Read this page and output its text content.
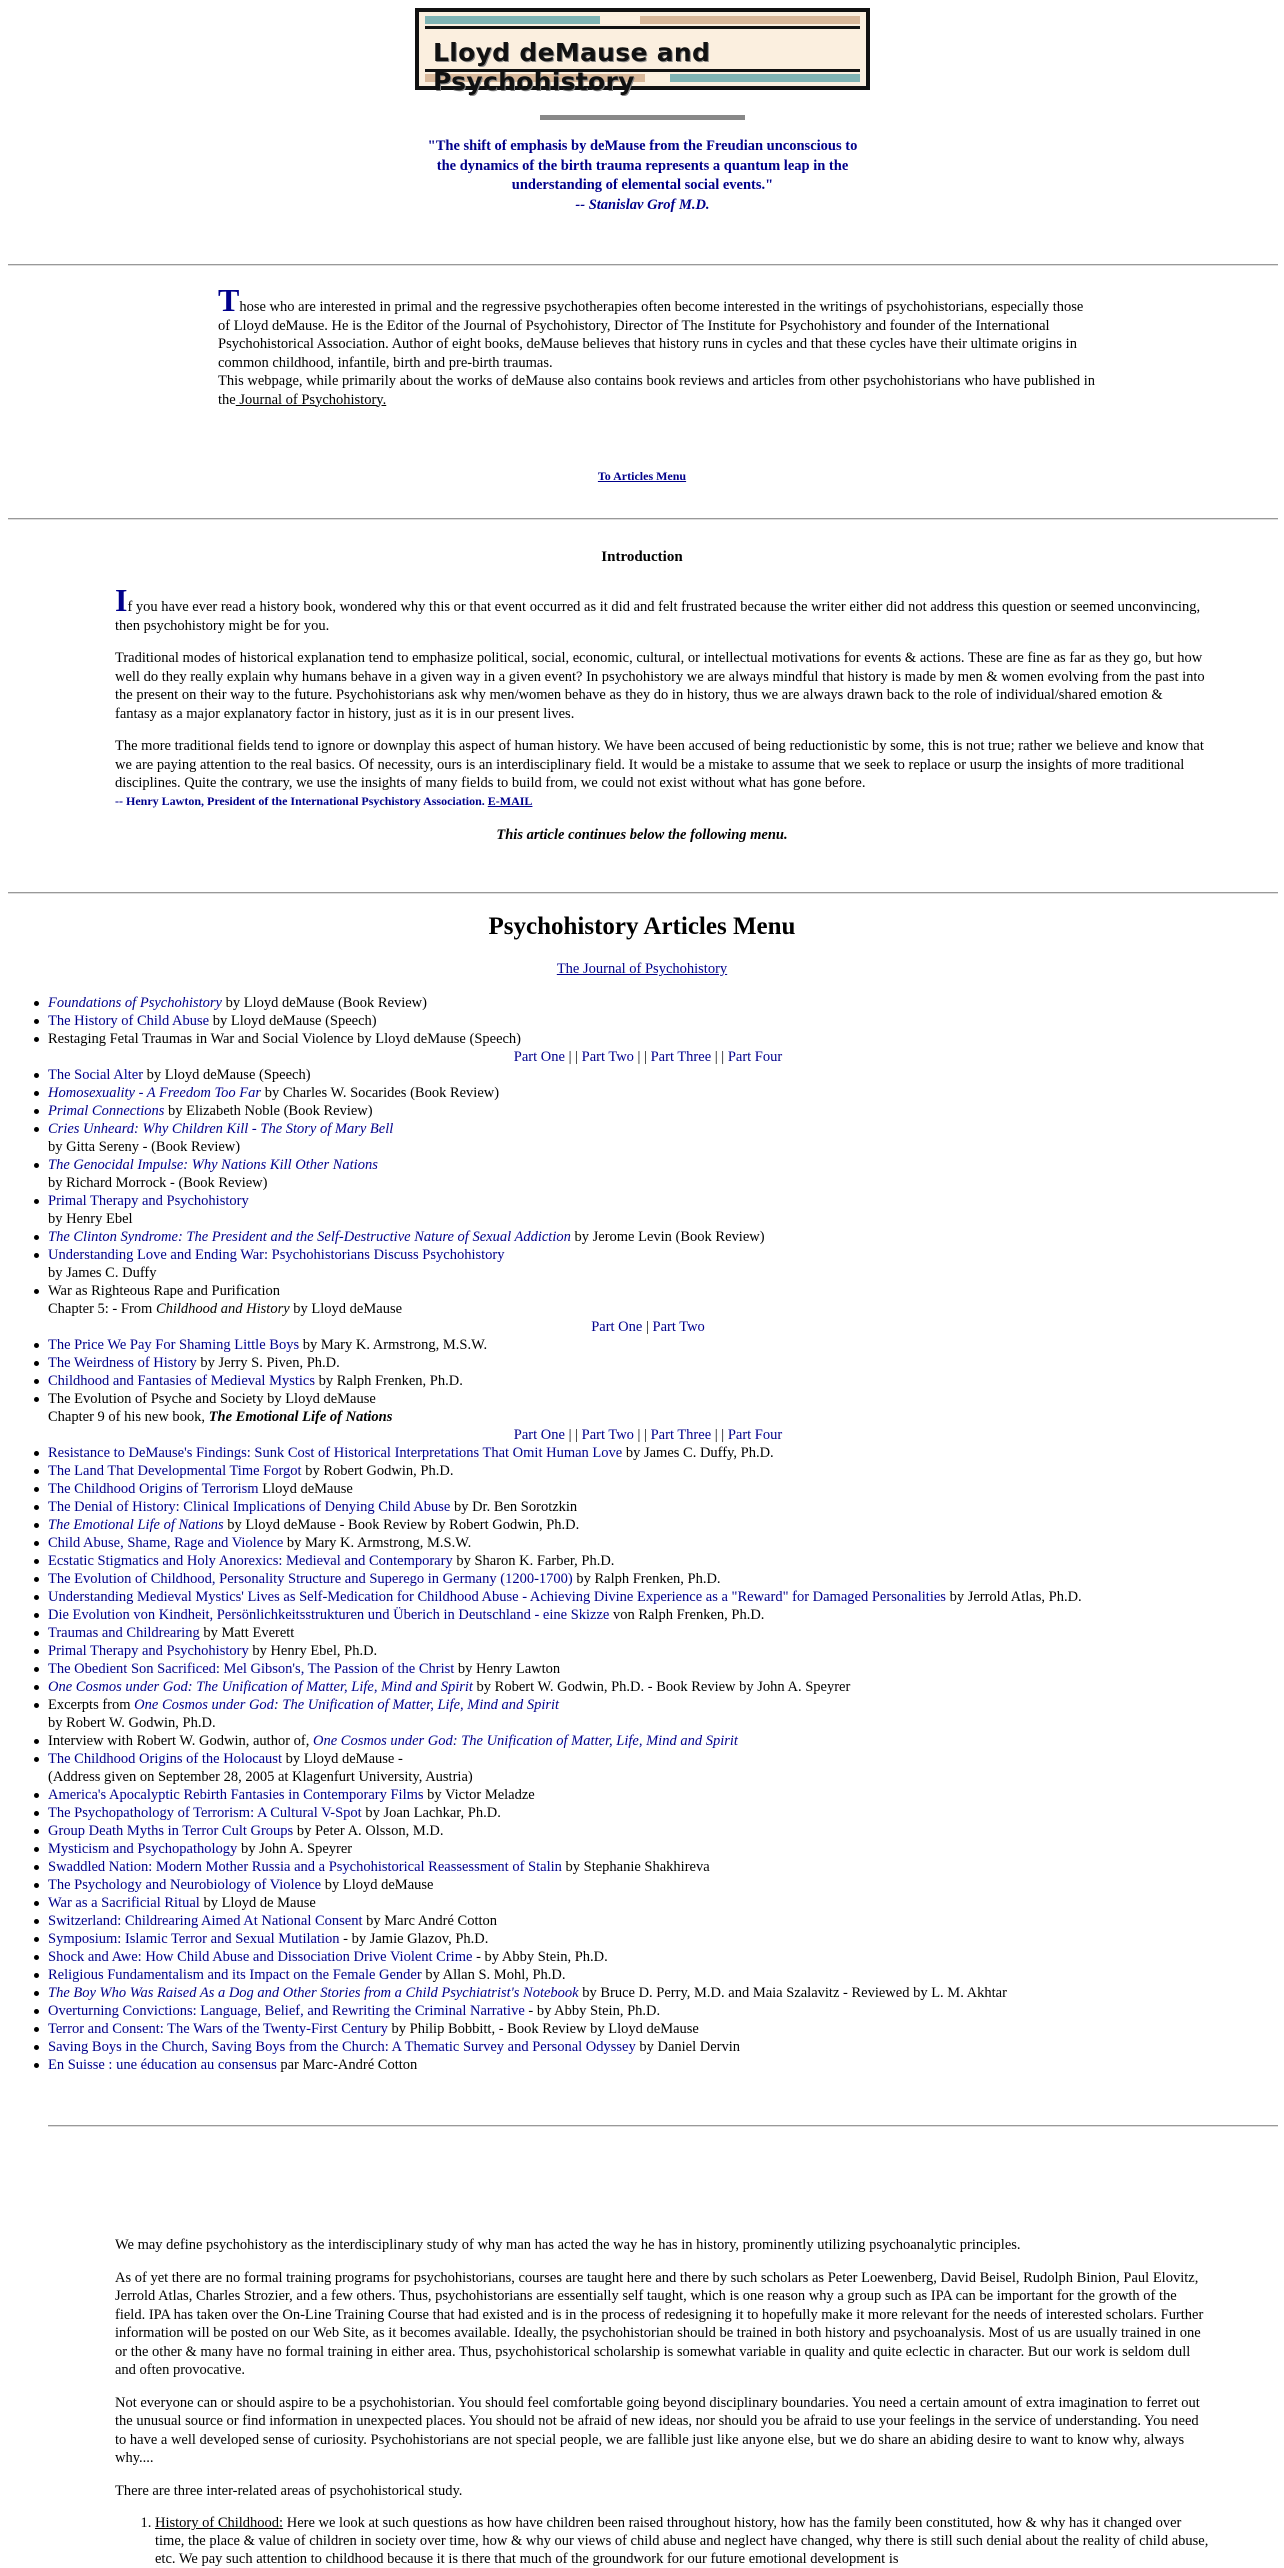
Lloyd deMause and Psychohistory
"The shift of emphasis by deMause from the Freudian unconscious to the dynamics of the birth trauma represents a quantum leap in the understanding of elemental social events."
-- Stanislav Grof M.D.
Those who are interested in primal and the regressive psychotherapies often become interested in the writings of psychohistorians, especially those of Lloyd deMause. He is the Editor of the Journal of Psychohistory, Director of The Institute for Psychohistory and founder of the International Psychohistorical Association. Author of eight books, deMause believes that history runs in cycles and that these cycles have their ultimate origins in common childhood, infantile, birth and pre-birth traumas.
This webpage, while primarily about the works of deMause also contains book reviews and articles from other psychohistorians who have published in the Journal of Psychohistory.
To Articles Menu
Introduction

If you have ever read a history book, wondered why this or that event occurred as it did and felt frustrated because the writer either did not address this question or seemed unconvincing, then psychohistory might be for you.

Traditional modes of historical explanation tend to emphasize political, social, economic, cultural, or intellectual motivations for events & actions. These are fine as far as they go, but how well do they really explain why humans behave in a given way in a given event? In psychohistory we are always mindful that history is made by men & women evolving from the past into the present on their way to the future. Psychohistorians ask why men/women behave as they do in history, thus we are always drawn back to the role of individual/shared emotion & fantasy as a major explanatory factor in history, just as it is in our present lives.

The more traditional fields tend to ignore or downplay this aspect of human history. We have been accused of being reductionistic by some, this is not true; rather we believe and know that we are paying attention to the real basics. Of necessity, ours is an interdisciplinary field. It would be a mistake to assume that we seek to replace or usurp the insights of more traditional disciplines. Quite the contrary, we use the insights of many fields to build from, we could not exist without what has gone before.
-- Henry Lawton, President of the International Psychistory Association. E-MAIL
This article continues below the following menu.
Psychohistory Articles Menu
The Journal of Psychohistory
Foundations of Psychohistory by Lloyd deMause (Book Review)
The History of Child Abuse by Lloyd deMause (Speech)
Restaging Fetal Traumas in War and Social Violence by Lloyd deMause (Speech)
Part One | | Part Two | | Part Three | | Part Four
The Social Alter by Lloyd deMause (Speech)
Homosexuality - A Freedom Too Far by Charles W. Socarides (Book Review)
Primal Connections by Elizabeth Noble (Book Review)
Cries Unheard: Why Children Kill - The Story of Mary Bell
by Gitta Sereny - (Book Review)
The Genocidal Impulse: Why Nations Kill Other Nations
by Richard Morrock - (Book Review)
Primal Therapy and Psychohistory
by Henry Ebel
The Clinton Syndrome: The President and the Self-Destructive Nature of Sexual Addiction by Jerome Levin (Book Review)
Understanding Love and Ending War: Psychohistorians Discuss Psychohistory
by James C. Duffy
War as Righteous Rape and Purification
Chapter 5: - From Childhood and History by Lloyd deMause
Part One | Part Two
The Price We Pay For Shaming Little Boys by Mary K. Armstrong, M.S.W.
The Weirdness of History by Jerry S. Piven, Ph.D.
Childhood and Fantasies of Medieval Mystics by Ralph Frenken, Ph.D.
The Evolution of Psyche and Society by Lloyd deMause
Chapter 9 of his new book, The Emotional Life of Nations
Part One | | Part Two | | Part Three | | Part Four
Resistance to DeMause's Findings: Sunk Cost of Historical Interpretations That Omit Human Love by James C. Duffy, Ph.D.
The Land That Developmental Time Forgot by Robert Godwin, Ph.D.
The Childhood Origins of Terrorism Lloyd deMause
The Denial of History: Clinical Implications of Denying Child Abuse by Dr. Ben Sorotzkin
The Emotional Life of Nations by Lloyd deMause - Book Review by Robert Godwin, Ph.D.
Child Abuse, Shame, Rage and Violence by Mary K. Armstrong, M.S.W.
Ecstatic Stigmatics and Holy Anorexics: Medieval and Contemporary by Sharon K. Farber, Ph.D.
The Evolution of Childhood, Personality Structure and Superego in Germany (1200-1700) by Ralph Frenken, Ph.D.
Understanding Medieval Mystics' Lives as Self-Medication for Childhood Abuse - Achieving Divine Experience as a "Reward" for Damaged Personalities by Jerrold Atlas, Ph.D.
Die Evolution von Kindheit, Persönlichkeitsstrukturen und Überich in Deutschland - eine Skizze von Ralph Frenken, Ph.D.
Traumas and Childrearing by Matt Everett
Primal Therapy and Psychohistory by Henry Ebel, Ph.D.
The Obedient Son Sacrificed: Mel Gibson's, The Passion of the Christ by Henry Lawton
One Cosmos under God: The Unification of Matter, Life, Mind and Spirit by Robert W. Godwin, Ph.D. - Book Review by John A. Speyrer
Excerpts from One Cosmos under God: The Unification of Matter, Life, Mind and Spirit
by Robert W. Godwin, Ph.D.
Interview with Robert W. Godwin, author of, One Cosmos under God: The Unification of Matter, Life, Mind and Spirit
The Childhood Origins of the Holocaust by Lloyd deMause -
(Address given on September 28, 2005 at Klagenfurt University, Austria)
America's Apocalyptic Rebirth Fantasies in Contemporary Films by Victor Meladze
The Psychopathology of Terrorism: A Cultural V-Spot by Joan Lachkar, Ph.D.
Group Death Myths in Terror Cult Groups by Peter A. Olsson, M.D.
Mysticism and Psychopathology by John A. Speyrer
Swaddled Nation: Modern Mother Russia and a Psychohistorical Reassessment of Stalin by Stephanie Shakhireva
The Psychology and Neurobiology of Violence by Lloyd deMause
War as a Sacrificial Ritual by Lloyd de Mause
Switzerland: Childrearing Aimed At National Consent by Marc André Cotton
Symposium: Islamic Terror and Sexual Mutilation - by Jamie Glazov, Ph.D.
Shock and Awe: How Child Abuse and Dissociation Drive Violent Crime - by Abby Stein, Ph.D.
Religious Fundamentalism and its Impact on the Female Gender by Allan S. Mohl, Ph.D.
The Boy Who Was Raised As a Dog and Other Stories from a Child Psychiatrist's Notebook by Bruce D. Perry, M.D. and Maia Szalavitz - Reviewed by L. M. Akhtar
Overturning Convictions: Language, Belief, and Rewriting the Criminal Narrative - by Abby Stein, Ph.D.
Terror and Consent: The Wars of the Twenty-First Century by Philip Bobbitt, - Book Review by Lloyd deMause
Saving Boys in the Church, Saving Boys from the Church: A Thematic Survey and Personal Odyssey by Daniel Dervin
En Suisse : une éducation au consensus par Marc-André Cotton

We may define psychohistory as the interdisciplinary study of why man has acted the way he has in history, prominently utilizing psychoanalytic principles.

As of yet there are no formal training programs for psychohistorians, courses are taught here and there by such scholars as Peter Loewenberg, David Beisel, Rudolph Binion, Paul Elovitz, Jerrold Atlas, Charles Strozier, and a few others. Thus, psychohistorians are essentially self taught, which is one reason why a group such as IPA can be important for the growth of the field. IPA has taken over the On-Line Training Course that had existed and is in the process of redesigning it to hopefully make it more relevant for the needs of interested scholars. Further information will be posted on our Web Site, as it becomes available. Ideally, the psychohistorian should be trained in both history and psychoanalysis. Most of us are usually trained in one or the other & many have no formal training in either area. Thus, psychohistorical scholarship is somewhat variable in quality and quite eclectic in character. But our work is seldom dull and often provocative.

Not everyone can or should aspire to be a psychohistorian. You should feel comfortable going beyond disciplinary boundaries. You need a certain amount of extra imagination to ferret out the unusual source or find information in unexpected places. You should not be afraid of new ideas, nor should you be afraid to use your feelings in the service of understanding. You need to have a well developed sense of curiosity. Psychohistorians are not special people, we are fallible just like anyone else, but we do share an abiding desire to want to know why, always why....

There are three inter-related areas of psychohistorical study.

1. History of Childhood: Here we look at such questions as how have children been raised throughout history, how has the family been constituted, how & why has it changed over time, the place & value of children in society over time, how & why our views of child abuse and neglect have changed, why there is still such denial about the reality of child abuse, etc. We pay such attention to childhood because it is there that much of the groundwork for our future emotional development is
